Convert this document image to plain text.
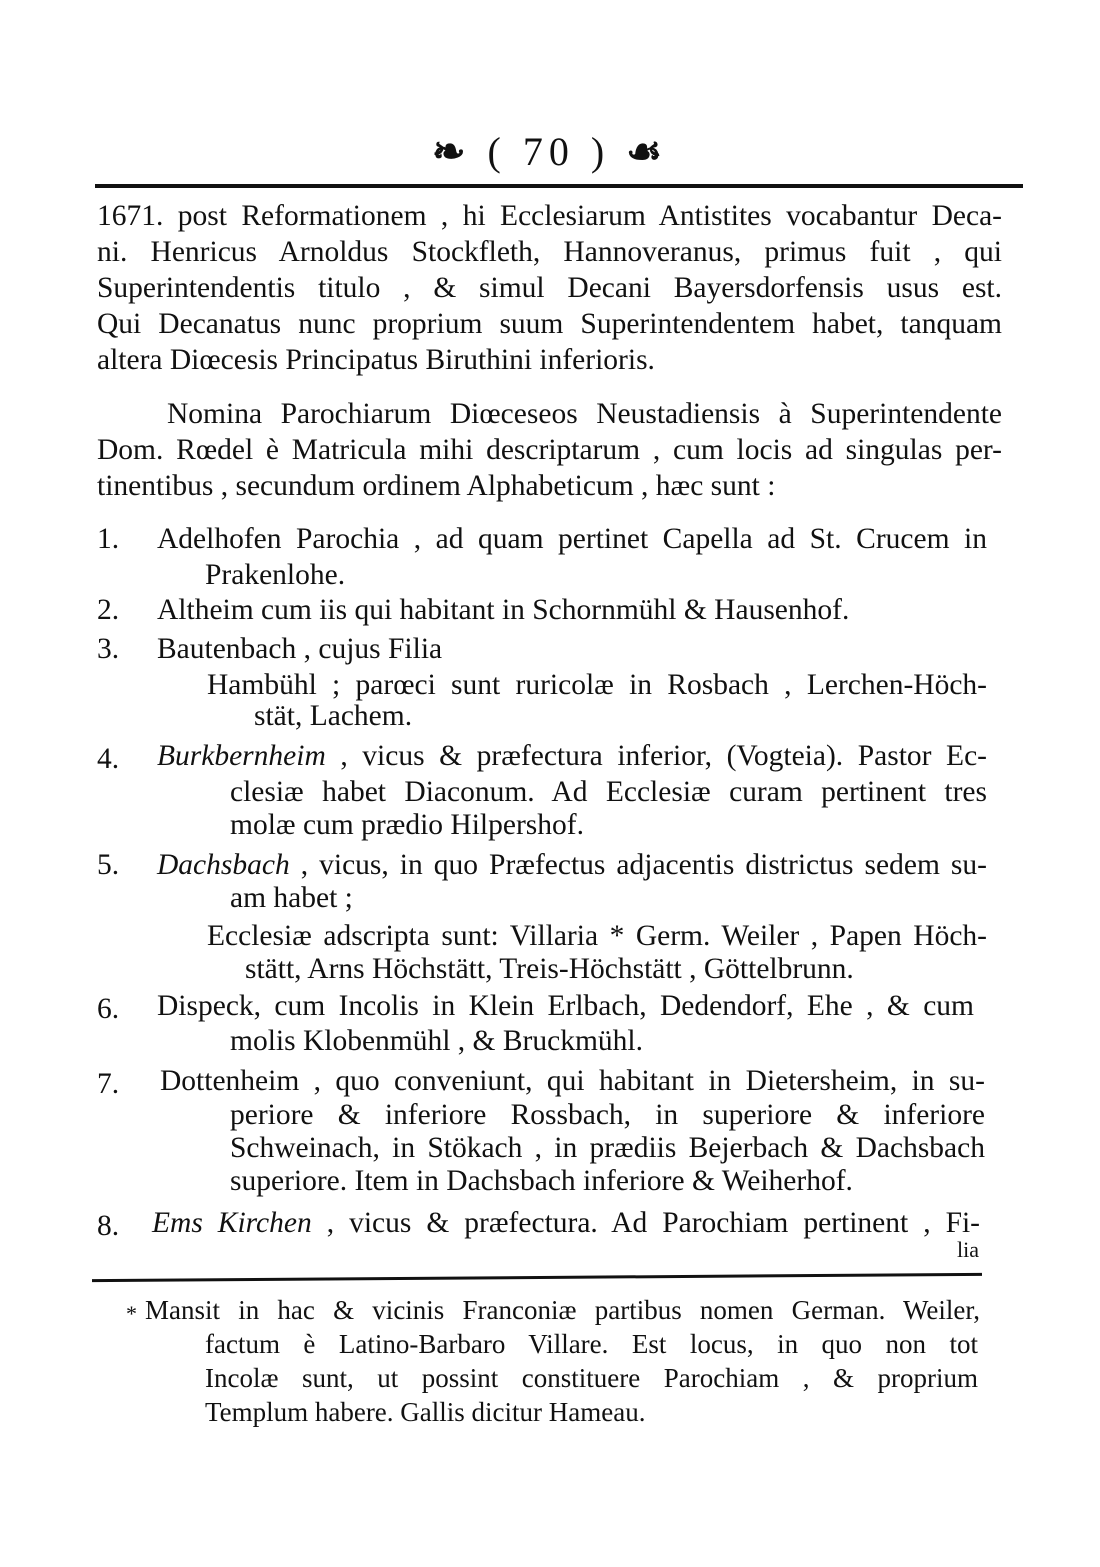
❧ ( 70 ) ☙
1671. post Reformationem , hi Ecclesiarum Antistites vocabantur Deca-
ni. Henricus Arnoldus Stockfleth, Hannoveranus, primus fuit , qui
Superintendentis titulo , & simul Decani Bayersdorfensis usus est.
Qui Decanatus nunc proprium suum Superintendentem habet, tanquam
altera Diœcesis Principatus Biruthini inferioris.
Nomina Parochiarum Diœceseos Neustadiensis à Superintendente
Dom. Rœdel è Matricula mihi descriptarum , cum locis ad singulas per-
tinentibus , secundum ordinem Alphabeticum , hæc sunt :
1. Adelhofen Parochia , ad quam pertinet Capella ad St. Crucem in
Prakenlohe.
2. Altheim cum iis qui habitant in Schornmühl & Hausenhof.
3. Bautenbach , cujus Filia
Hambühl ; parœci sunt ruricolæ in Rosbach , Lerchen-Höch-
stät, Lachem.
4. Burkbernheim , vicus & præfectura inferior, (Vogteia). Pastor Ec-
clesiæ habet Diaconum. Ad Ecclesiæ curam pertinent tres
molæ cum prædio Hilpershof.
5. Dachsbach , vicus, in quo Præfectus adjacentis districtus sedem su-
am habet ;
Ecclesiæ adscripta sunt: Villaria * Germ. Weiler , Papen Höch-
stätt, Arns Höchstätt, Treis-Höchstätt , Göttelbrunn.
6. Dispeck, cum Incolis in Klein Erlbach, Dedendorf, Ehe , & cum
molis Klobenmühl , & Bruckmühl.
7. Dottenheim , quo conveniunt, qui habitant in Dietersheim, in su-
periore & inferiore Rossbach, in superiore & inferiore
Schweinach, in Stökach , in prædiis Bejerbach & Dachsbach
superiore. Item in Dachsbach inferiore & Weiherhof.
8. Ems Kirchen , vicus & præfectura. Ad Parochiam pertinent , Fi-
lia
* Mansit in hac & vicinis Franconiæ partibus nomen German. Weiler,
factum è Latino-Barbaro Villare. Est locus, in quo non tot
Incolæ sunt, ut possint constituere Parochiam , & proprium
Templum habere. Gallis dicitur Hameau.
